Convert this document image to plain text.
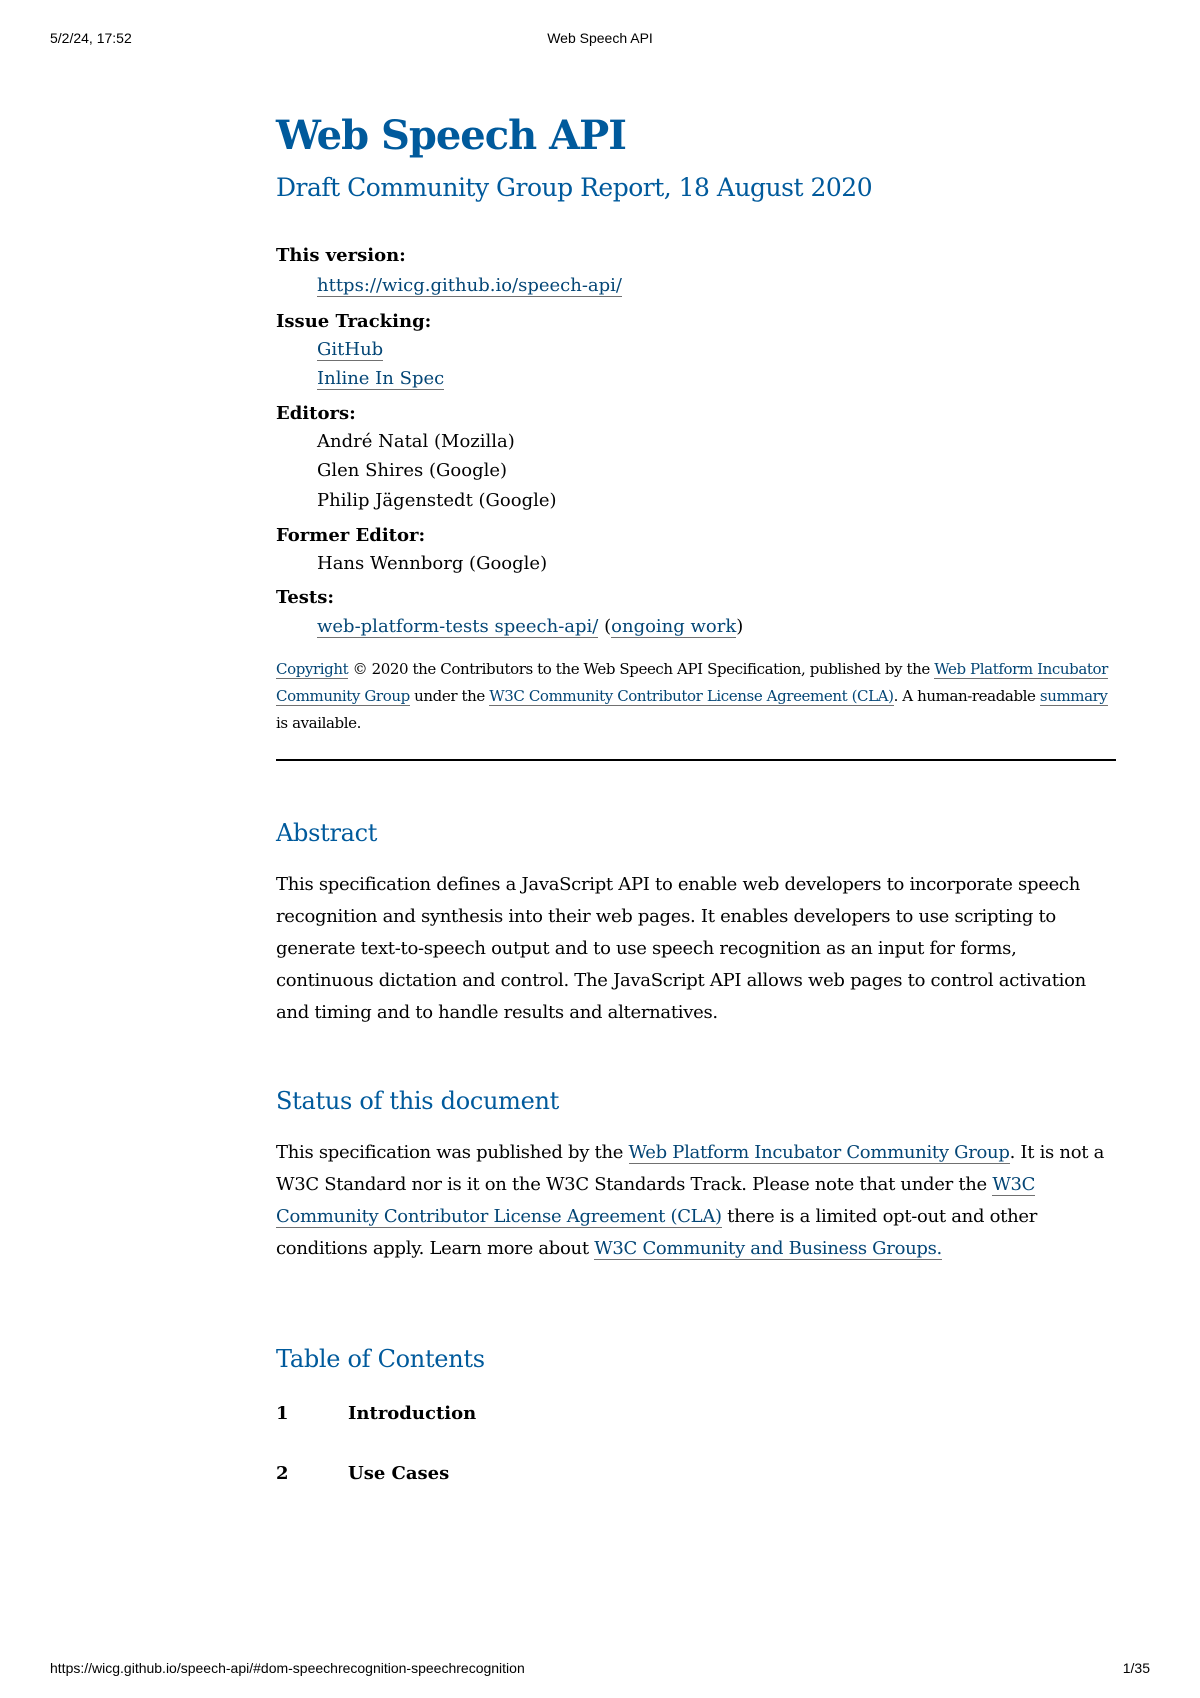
5/2/24, 17:52	Web Speech API
Web Speech API
Draft Community Group Report, 18 August 2020
This version:
https://wicg.github.io/speech-api/
Issue Tracking:
GitHub
Inline In Spec
Editors:
André Natal (Mozilla)
Glen Shires (Google)
Philip Jägenstedt (Google)
Former Editor:
Hans Wennborg (Google)
Tests:
web-platform-tests speech-api/ (ongoing work)
Copyright © 2020 the Contributors to the Web Speech API Specification, published by the Web Platform Incubator Community Group under the W3C Community Contributor License Agreement (CLA). A human-readable summary is available.
Abstract

This specification defines a JavaScript API to enable web developers to incorporate speech recognition and synthesis into their web pages. It enables developers to use scripting to generate text-to-speech output and to use speech recognition as an input for forms, continuous dictation and control. The JavaScript API allows web pages to control activation and timing and to handle results and alternatives.

Status of this document

This specification was published by the Web Platform Incubator Community Group. It is not a W3C Standard nor is it on the W3C Standards Track. Please note that under the W3C Community Contributor License Agreement (CLA) there is a limited opt-out and other conditions apply. Learn more about W3C Community and Business Groups.

Table of Contents
1	Introduction
2	Use Cases
https://wicg.github.io/speech-api/#dom-speechrecognition-speechrecognition	1/35
